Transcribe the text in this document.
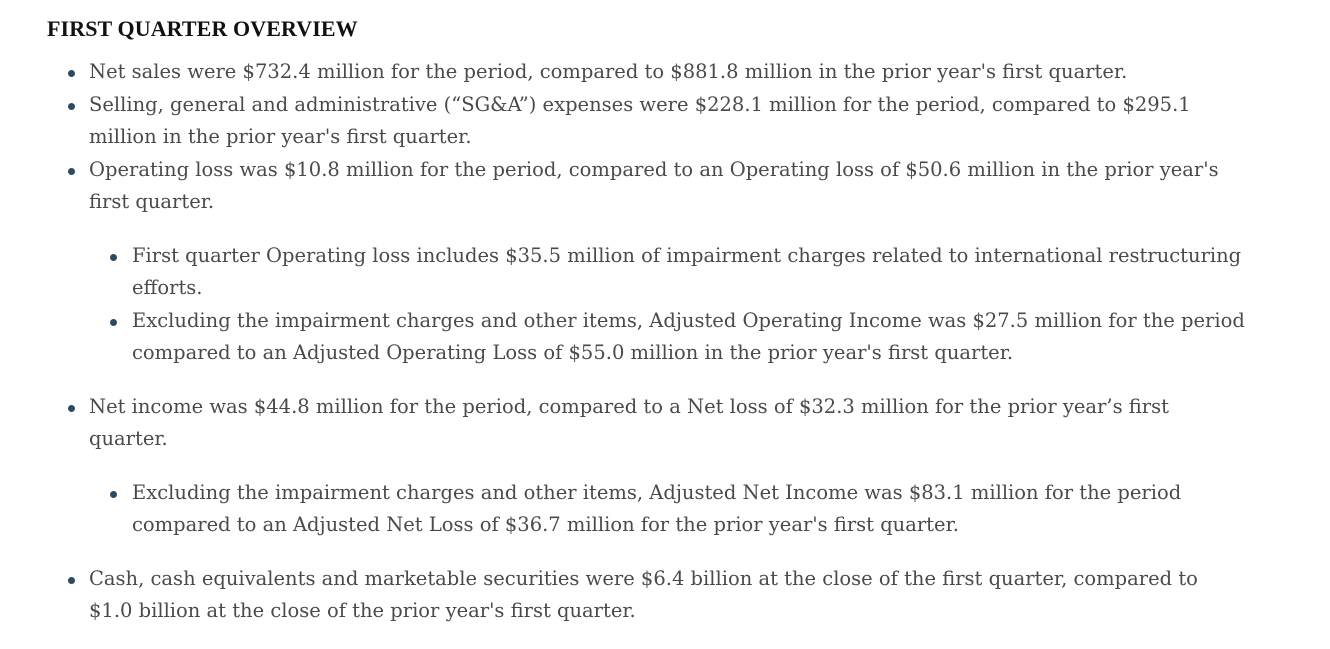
FIRST QUARTER OVERVIEW
Net sales were $732.4 million for the period, compared to $881.8 million in the prior year's first quarter.
Selling, general and administrative (“SG&A”) expenses were $228.1 million for the period, compared to $295.1 million in the prior year's first quarter.
Operating loss was $10.8 million for the period, compared to an Operating loss of $50.6 million in the prior year's first quarter.
First quarter Operating loss includes $35.5 million of impairment charges related to international restructuring efforts.
Excluding the impairment charges and other items, Adjusted Operating Income was $27.5 million for the period compared to an Adjusted Operating Loss of $55.0 million in the prior year's first quarter.
Net income was $44.8 million for the period, compared to a Net loss of $32.3 million for the prior year’s first quarter.
Excluding the impairment charges and other items, Adjusted Net Income was $83.1 million for the period compared to an Adjusted Net Loss of $36.7 million for the prior year's first quarter.
Cash, cash equivalents and marketable securities were $6.4 billion at the close of the first quarter, compared to $1.0 billion at the close of the prior year's first quarter.
